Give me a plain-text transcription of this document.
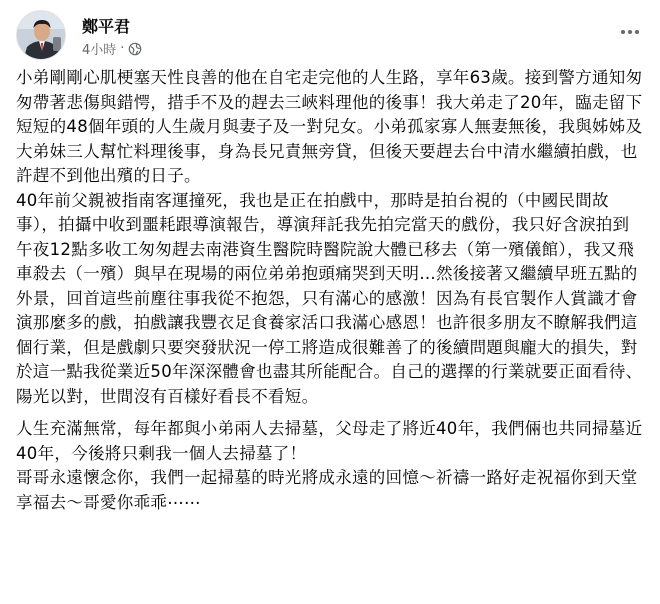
鄭平君
4小時 ·

小弟剛剛心肌梗塞天性良善的他在自宅走完他的人生路，享年63歲。接到警方通知匆匆帶著悲傷與錯愕，措手不及的趕去三峽料理他的後事！我大弟走了20年，臨走留下短短的48個年頭的人生歲月與妻子及一對兒女。小弟孤家寡人無妻無後，我與姊姊及大弟妹三人幫忙料理後事，身為長兄責無旁貸，但後天要趕去台中清水繼續拍戲，也許趕不到他出殯的日子。

40年前父親被指南客運撞死，我也是正在拍戲中，那時是拍台視的（中國民間故事），拍攝中收到噩耗跟導演報告，導演拜託我先拍完當天的戲份，我只好含淚拍到午夜12點多收工匆匆趕去南港資生醫院時醫院說大體已移去（第一殯儀館），我又飛車殺去（一殯）與早在現場的兩位弟弟抱頭痛哭到天明…然後接著又繼續早班五點的外景，回首這些前塵往事我從不抱怨，只有滿心的感激！因為有長官製作人賞識才會演那麼多的戲，拍戲讓我豐衣足食養家活口我滿心感恩！也許很多朋友不瞭解我們這個行業，但是戲劇只要突發狀況一停工將造成很難善了的後續問題與龐大的損失，對於這一點我從業近50年深深體會也盡其所能配合。自己的選擇的行業就要正面看待、陽光以對，世間沒有百樣好看長不看短。

人生充滿無常，每年都與小弟兩人去掃墓，父母走了將近40年，我們倆也共同掃墓近40年，今後將只剩我一個人去掃墓了！

哥哥永遠懷念你，我們一起掃墓的時光將成永遠的回憶～祈禱一路好走祝福你到天堂享福去～哥愛你乖乖⋯⋯
